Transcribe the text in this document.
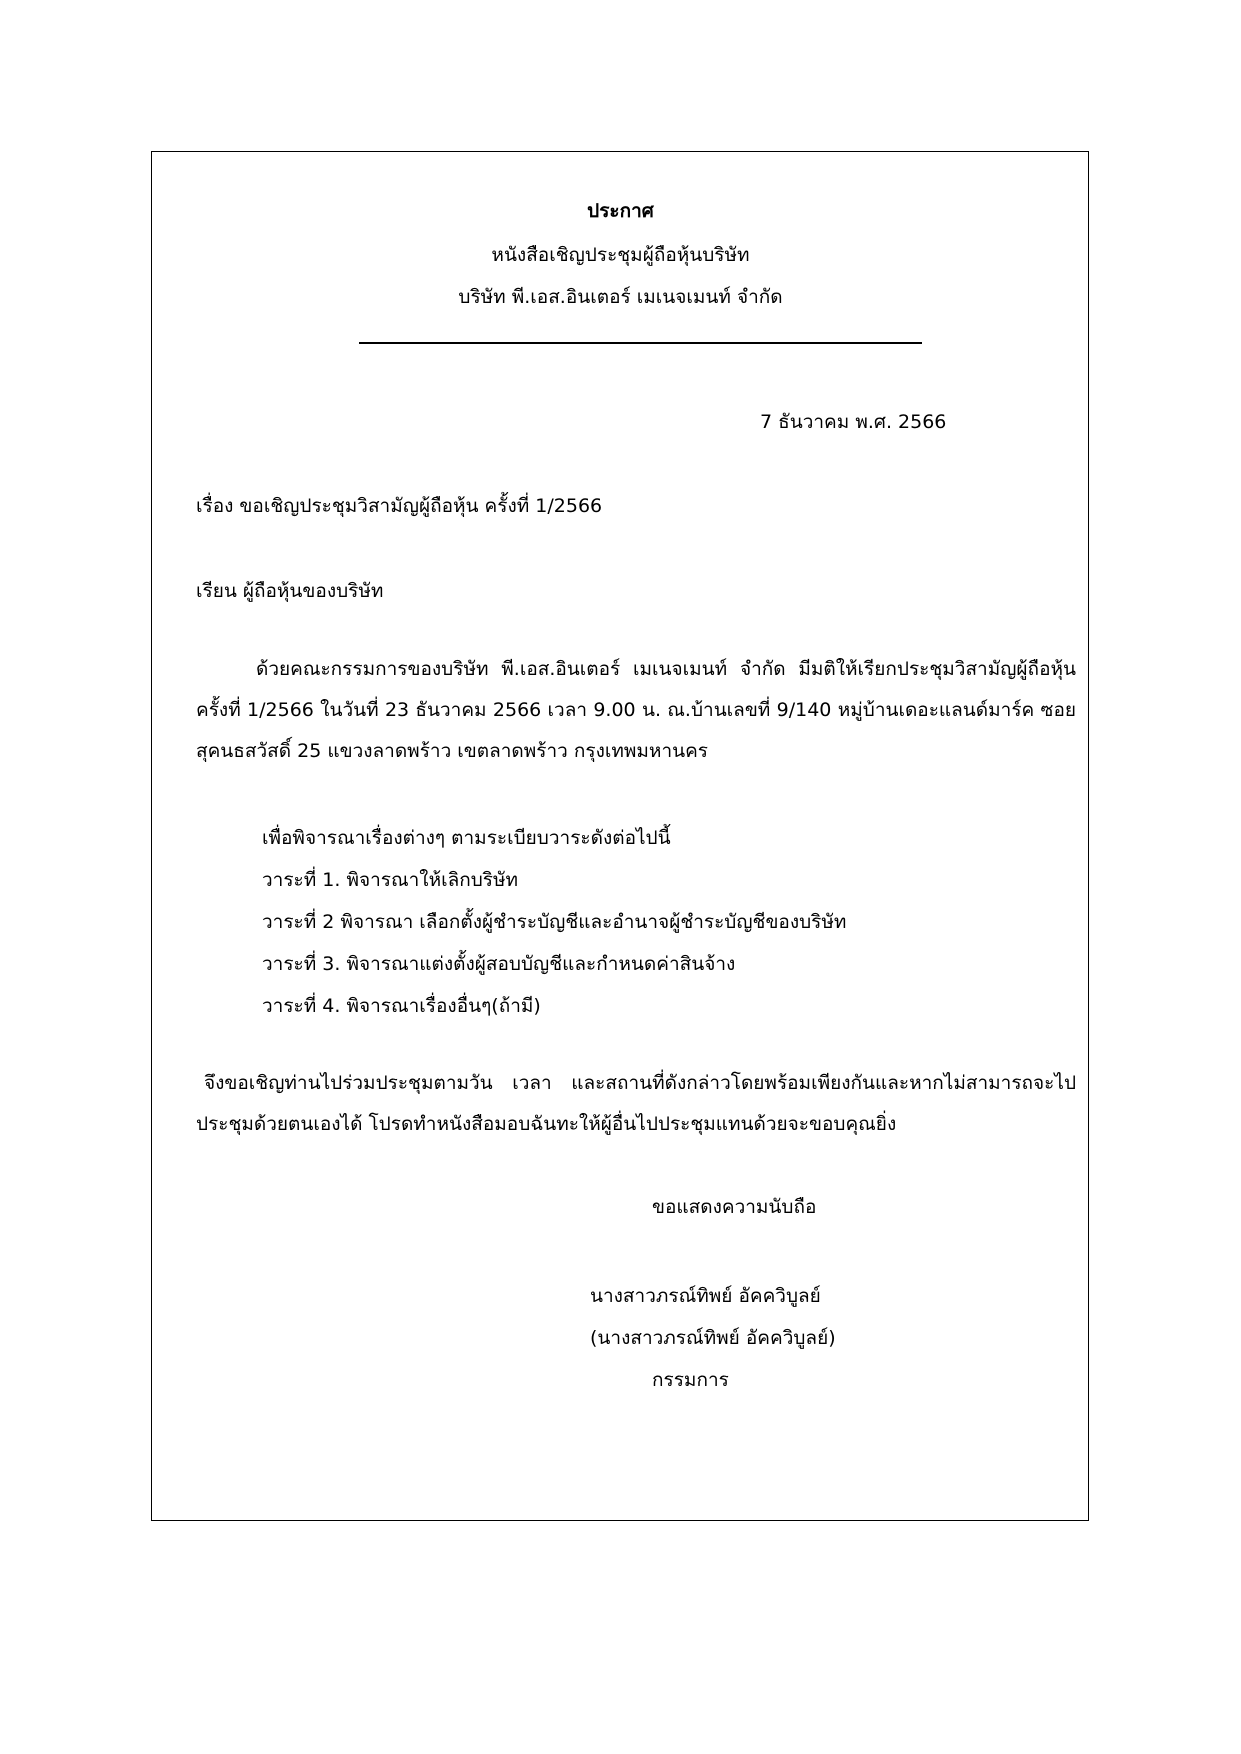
ประกาศ
หนังสือเชิญประชุมผู้ถือหุ้นบริษัท
บริษัท พี.เอส.อินเตอร์ เมเนจเมนท์ จำกัด
7 ธันวาคม พ.ศ. 2566
เรื่อง ขอเชิญประชุมวิสามัญผู้ถือหุ้น ครั้งที่ 1/2566
เรียน ผู้ถือหุ้นของบริษัท

ด้วยคณะกรรมการของบริษัท พี.เอส.อินเตอร์ เมเนจเมนท์ จำกัด มีมติให้เรียกประชุมวิสามัญผู้ถือหุ้น ครั้งที่ 1/2566 ในวันที่ 23 ธันวาคม 2566 เวลา 9.00 น. ณ.บ้านเลขที่ 9/140 หมู่บ้านเดอะแลนด์มาร์ค ซอยสุคนธสวัสดิ์ 25 แขวงลาดพร้าว เขตลาดพร้าว กรุงเทพมหานคร

เพื่อพิจารณาเรื่องต่างๆ ตามระเบียบวาระดังต่อไปนี้
วาระที่ 1. พิจารณาให้เลิกบริษัท
วาระที่ 2 พิจารณา เลือกตั้งผู้ชำระบัญชีและอำนาจผู้ชำระบัญชีของบริษัท
วาระที่ 3. พิจารณาแต่งตั้งผู้สอบบัญชีและกำหนดค่าสินจ้าง
วาระที่ 4. พิจารณาเรื่องอื่นๆ(ถ้ามี)

จึงขอเชิญท่านไปร่วมประชุมตามวัน เวลา และสถานที่ดังกล่าวโดยพร้อมเพียงกันและหากไม่สามารถจะไปประชุมด้วยตนเองได้ โปรดทำหนังสือมอบฉันทะให้ผู้อื่นไปประชุมแทนด้วยจะขอบคุณยิ่ง

ขอแสดงความนับถือ
นางสาวภรณ์ทิพย์ อัคควิบูลย์
(นางสาวภรณ์ทิพย์ อัคควิบูลย์)
กรรมการ
